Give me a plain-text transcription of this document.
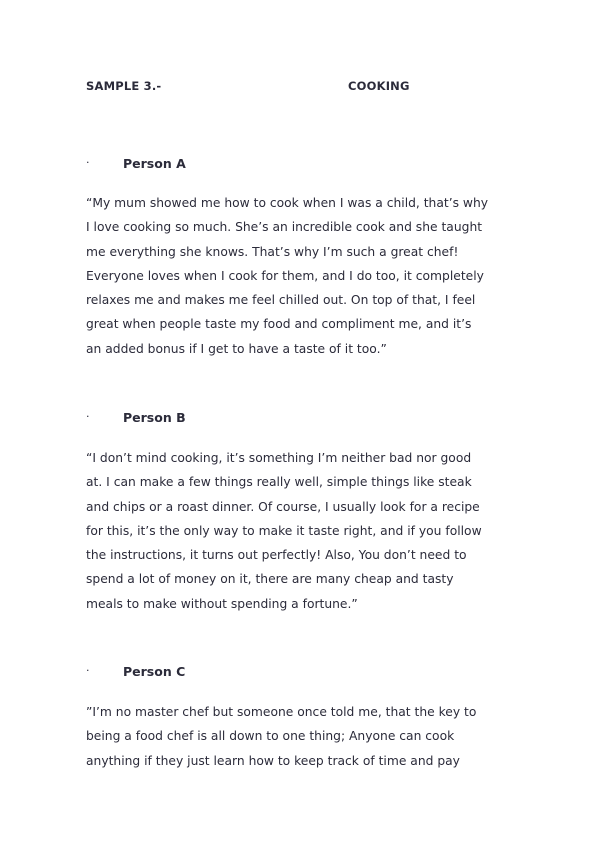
SAMPLE 3.-	COOKING
·	Person A

“My mum showed me how to cook when I was a child, that’s why
I love cooking so much. She’s an incredible cook and she taught
me everything she knows. That’s why I’m such a great chef!
Everyone loves when I cook for them, and I do too, it completely
relaxes me and makes me feel chilled out. On top of that, I feel
great when people taste my food and compliment me, and it’s
an added bonus if I get to have a taste of it too.”

·	Person B

“I don’t mind cooking, it’s something I’m neither bad nor good
at. I can make a few things really well, simple things like steak
and chips or a roast dinner. Of course, I usually look for a recipe
for this, it’s the only way to make it taste right, and if you follow
the instructions, it turns out perfectly! Also, You don’t need to
spend a lot of money on it, there are many cheap and tasty
meals to make without spending a fortune.”

·	Person C

”I’m no master chef but someone once told me, that the key to
being a food chef is all down to one thing; Anyone can cook
anything if they just learn how to keep track of time and pay
